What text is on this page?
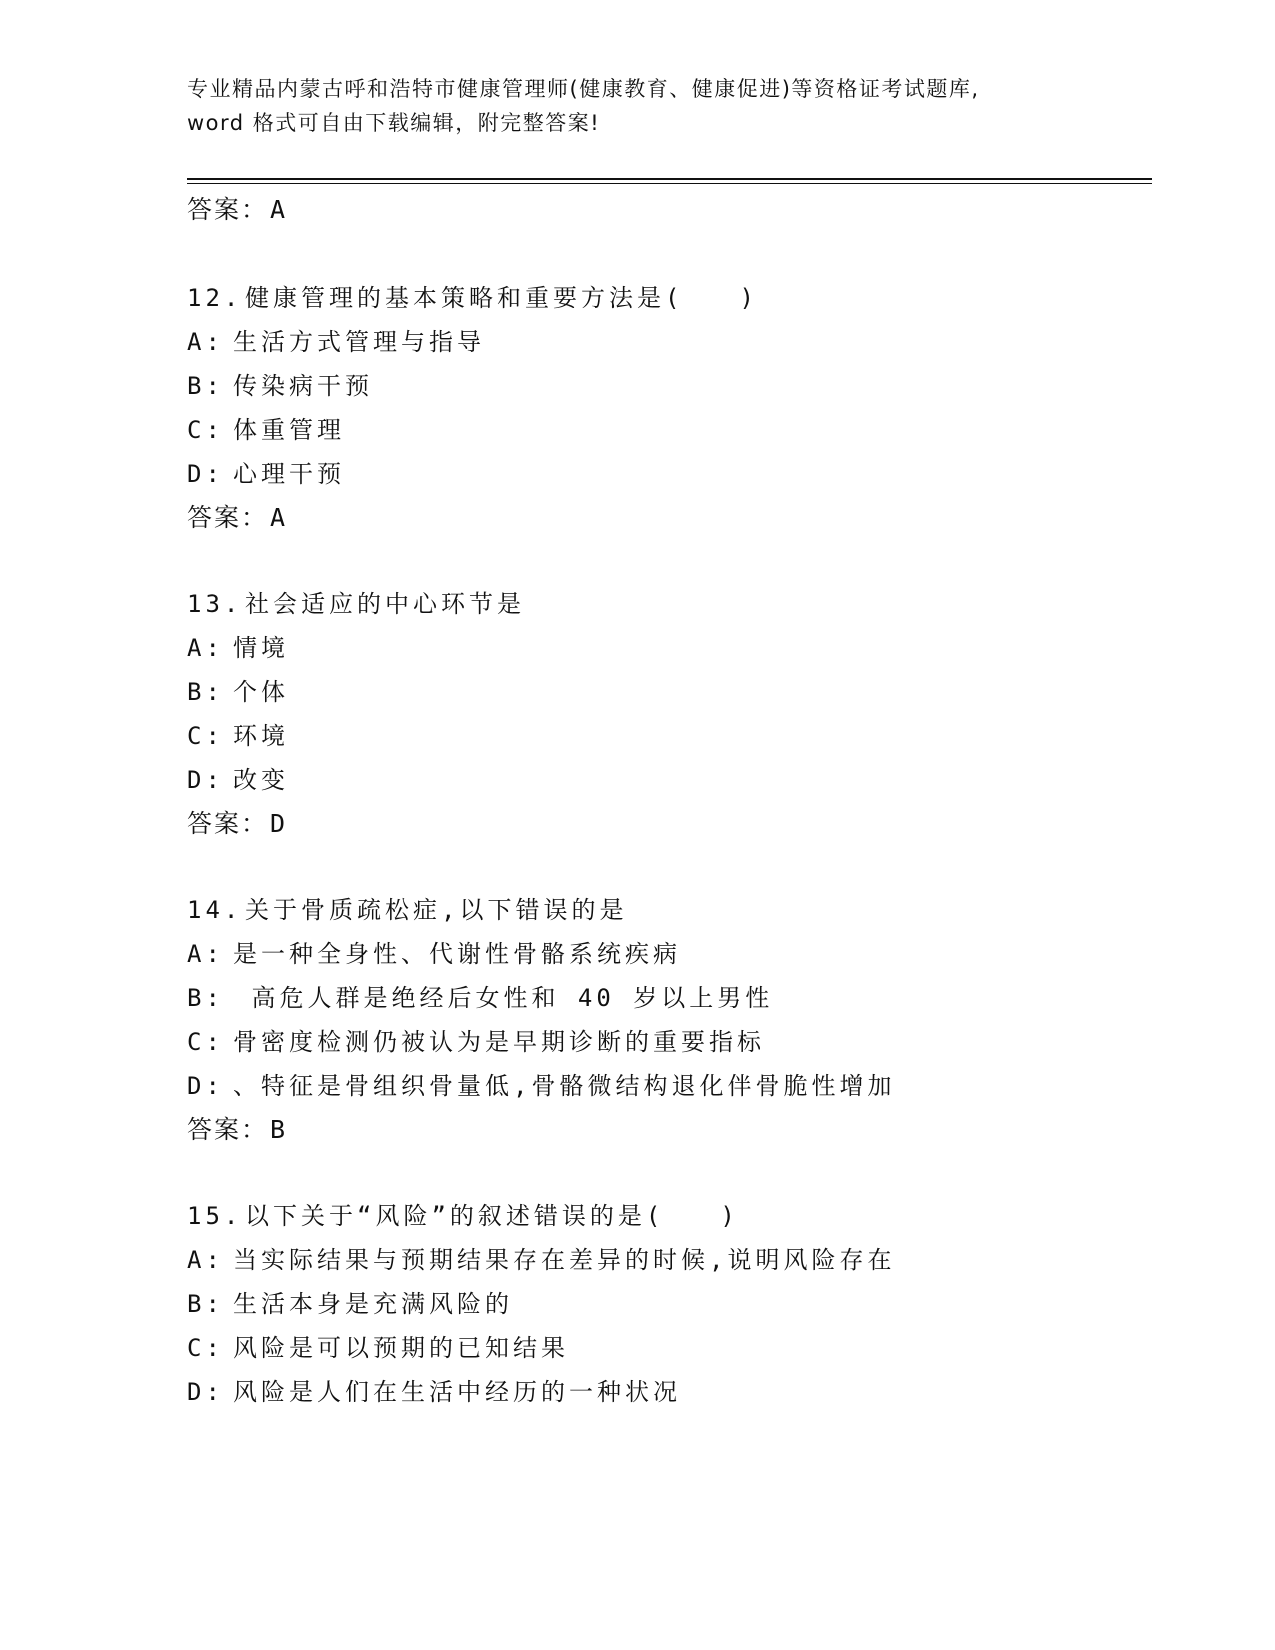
专业精品内蒙古呼和浩特市健康管理师(健康教育、健康促进)等资格证考试题库,
word 格式可自由下载编辑，附完整答案!
答案：A
12. 健康管理的基本策略和重要方法是(　　)
A: 生活方式管理与指导
B: 传染病干预
C: 体重管理
D: 心理干预
答案：A
13. 社会适应的中心环节是
A: 情境
B: 个体
C: 环境
D: 改变
答案：D
14. 关于骨质疏松症,以下错误的是
A: 是一种全身性、代谢性骨骼系统疾病
B: 高危人群是绝经后女性和 40 岁以上男性
C: 骨密度检测仍被认为是早期诊断的重要指标
D: 、特征是骨组织骨量低,骨骼微结构退化伴骨脆性增加
答案：B
15. 以下关于“风险”的叙述错误的是(　　)
A: 当实际结果与预期结果存在差异的时候,说明风险存在
B: 生活本身是充满风险的
C: 风险是可以预期的已知结果
D: 风险是人们在生活中经历的一种状况
